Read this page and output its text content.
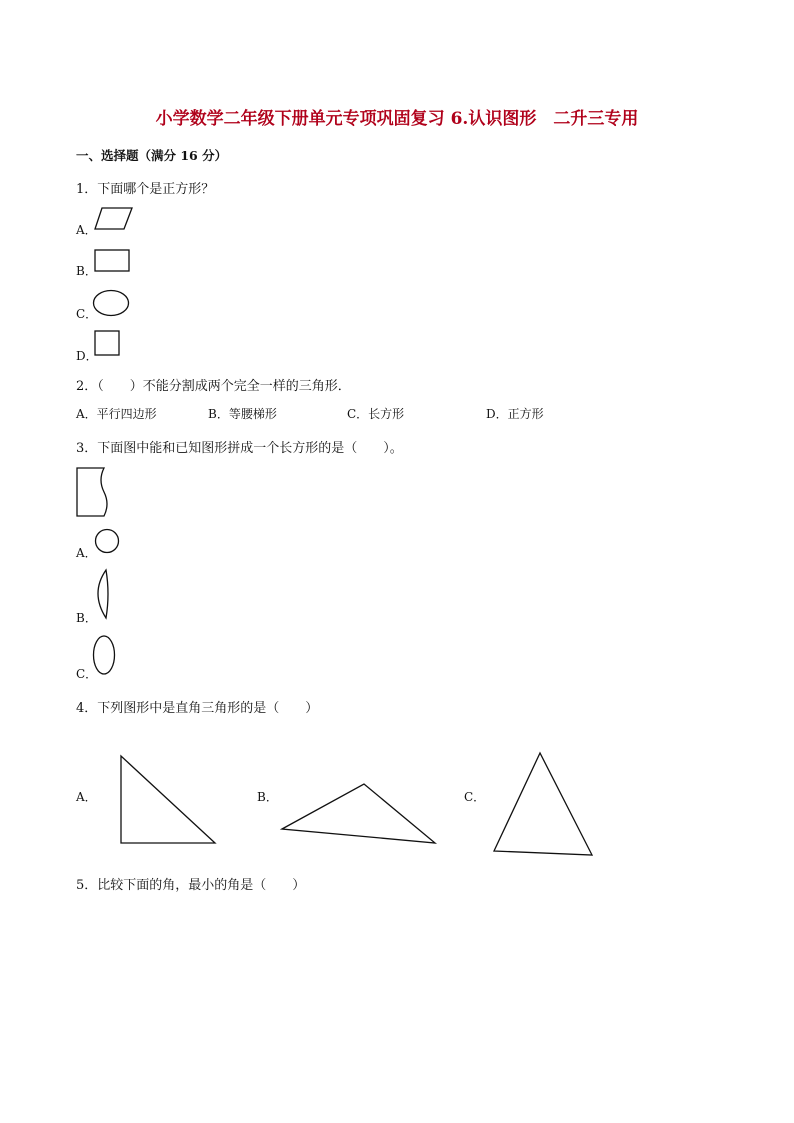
小学数学二年级下册单元专项巩固复习 6.认识图形　二升三专用
一、选择题（满分 16 分）
1．下面哪个是正方形？
A．
B．
C．
D．
2．（　　）不能分割成两个完全一样的三角形．
A．平行四边形	B．等腰梯形	C．长方形	D．正方形
3．下面图中能和已知图形拼成一个长方形的是（　　）。
A．
B．
C．
4．下列图形中是直角三角形的是（　　）
A．	B．	C．
5．比较下面的角，最小的角是（　　）
